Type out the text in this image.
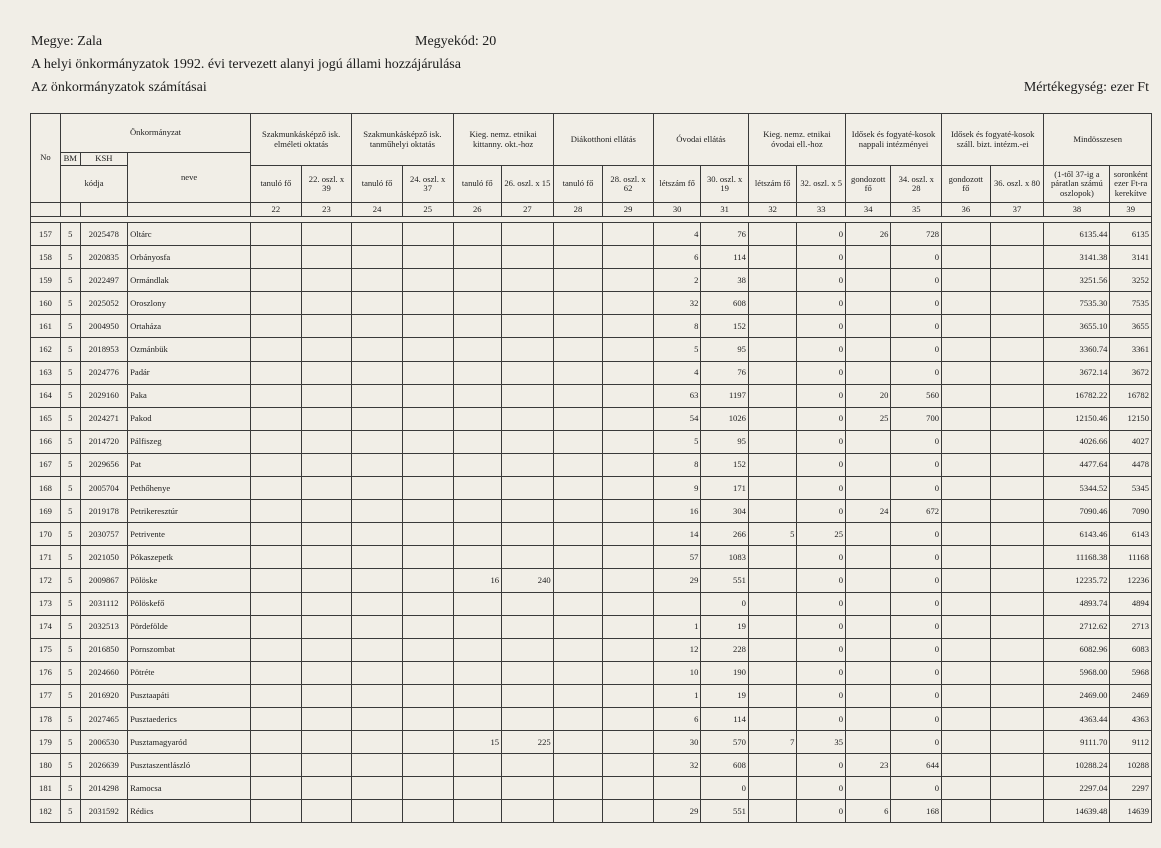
Megye: Zala	Megyekód: 20
A helyi önkormányzatok 1992. évi tervezett alanyi jogú állami hozzájárulása
Az önkormányzatok számításai	Mértékegység: ezer Ft
No	Önkormányzat			Szakmunkásképző isk. elméleti oktatás		Szakmunkásképző isk. tanműhelyi oktatás		Kieg. nemz. etnikai kittanny. okt.-hoz		Diákotthoni ellátás		Óvodai ellátás		Kieg. nemz. etnikai óvodai ell.-hoz		Idősek és fogyaté-kosok nappali intézményei		Idősek és fogyaté-kosok száll. bizt. intézm.-ei		Mindösszesen	
	BM	KSH	neve																		
	kódja			tanuló fő	22. oszl. x 39	tanuló fő	24. oszl. x 37	tanuló fő	26. oszl. x 15	tanuló fő	28. oszl. x 62	létszám fő	30. oszl. x 19	létszám fő	32. oszl. x 5	gondozott fő	34. oszl. x 28	gondozott fő	36. oszl. x 80	(1-től 37-ig a páratlan számú oszlopok)	soronként ezer Ft-ra kerekítve
				22	23	24	25	26	27	28	29	30	31	32	33	34	35	36	37	38	39

157	5	2025478	Oltárc									4	76		0	26	728			6135.44	6135
158	5	2020835	Orbányosfa									6	114		0		0			3141.38	3141
159	5	2022497	Ormándlak									2	38		0		0			3251.56	3252
160	5	2025052	Oroszlony									32	608		0		0			7535.30	7535
161	5	2004950	Ortaháza									8	152		0		0			3655.10	3655
162	5	2018953	Ozmánbük									5	95		0		0			3360.74	3361
163	5	2024776	Padár									4	76		0		0			3672.14	3672
164	5	2029160	Paka									63	1197		0	20	560			16782.22	16782
165	5	2024271	Pakod									54	1026		0	25	700			12150.46	12150
166	5	2014720	Pálfiszeg									5	95		0		0			4026.66	4027
167	5	2029656	Pat									8	152		0		0			4477.64	4478
168	5	2005704	Pethőhenye									9	171		0		0			5344.52	5345
169	5	2019178	Petrikeresztúr									16	304		0	24	672			7090.46	7090
170	5	2030757	Petrivente									14	266	5	25		0			6143.46	6143
171	5	2021050	Pókaszepetk									57	1083		0		0			11168.38	11168
172	5	2009867	Pölöske					16	240			29	551		0		0			12235.72	12236
173	5	2031112	Pölöskefő										0		0		0			4893.74	4894
174	5	2032513	Pördefölde									1	19		0		0			2712.62	2713
175	5	2016850	Pornszombat									12	228		0		0			6082.96	6083
176	5	2024660	Pötréte									10	190		0		0			5968.00	5968
177	5	2016920	Pusztaapáti									1	19		0		0			2469.00	2469
178	5	2027465	Pusztaederics									6	114		0		0			4363.44	4363
179	5	2006530	Pusztamagyaród					15	225			30	570	7	35		0			9111.70	9112
180	5	2026639	Pusztaszentlászló									32	608		0	23	644			10288.24	10288
181	5	2014298	Ramocsa										0		0		0			2297.04	2297
182	5	2031592	Rédics									29	551		0	6	168			14639.48	14639
